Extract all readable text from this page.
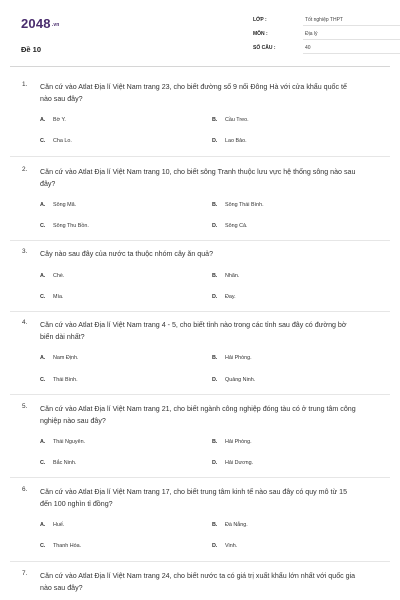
2048.vn
Đề 10
LỚP :	Tốt nghiệp THPT
MÔN :	Địa lý
SỐ CÂU :	40
1. Căn cứ vào Atlat Địa lí Việt Nam trang 23, cho biết đường số 9 nối Đông Hà với cửa khẩu quốc tế nào sau đây?
A. Bờ Y.	B. Cầu Treo.
C. Cha Lo.	D. Lao Bảo.
2. Căn cứ vào Atlat Địa lí Việt Nam trang 10, cho biết sông Tranh thuộc lưu vực hệ thống sông nào sau đây?
A. Sông Mã.	B. Sông Thái Bình.
C. Sông Thu Bồn.	D. Sông Cả.
3. Cây nào sau đây của nước ta thuộc nhóm cây ăn quả?
A. Chè.	B. Nhãn.
C. Mía.	D. Đay.
4. Căn cứ vào Atlat Địa lí Việt Nam trang 4 - 5, cho biết tỉnh nào trong các tỉnh sau đây có đường bờ biển dài nhất?
A. Nam Định.	B. Hải Phòng.
C. Thái Bình.	D. Quảng Ninh.
5. Căn cứ vào Atlat Địa lí Việt Nam trang 21, cho biết ngành công nghiệp đóng tàu có ở trung tâm công nghiệp nào sau đây?
A. Thái Nguyên.	B. Hải Phòng.
C. Bắc Ninh.	D. Hải Dương.
6. Căn cứ vào Atlat Địa lí Việt Nam trang 17, cho biết trung tâm kinh tế nào sau đây có quy mô từ 15 đến 100 nghìn tỉ đồng?
A. Huế.	B. Đà Nẵng.
C. Thanh Hóa.	D. Vinh.
7. Căn cứ vào Atlat Địa lí Việt Nam trang 24, cho biết nước ta có giá trị xuất khẩu lớn nhất với quốc gia nào sau đây?
